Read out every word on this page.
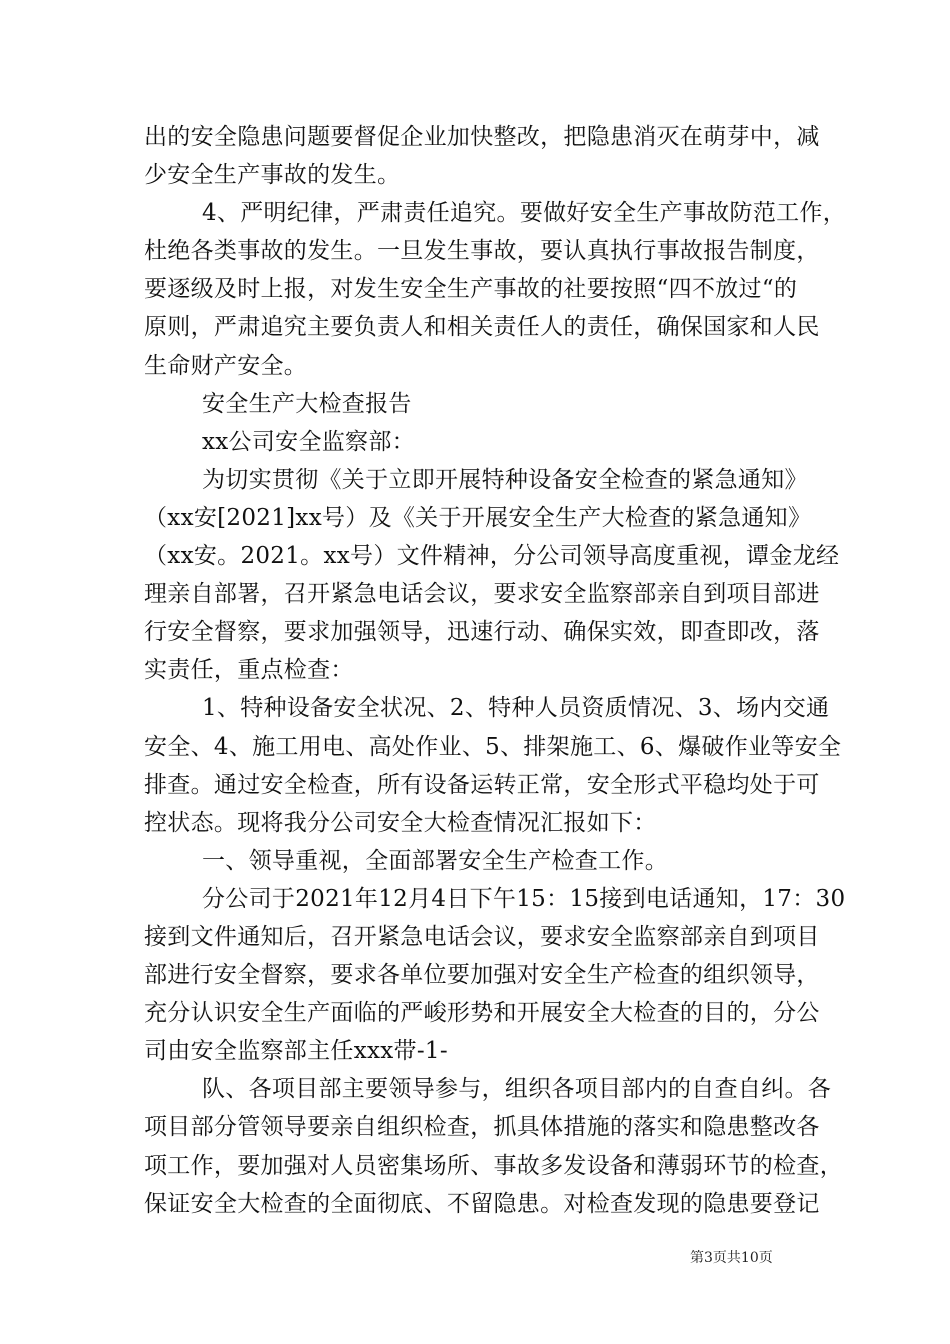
出的安全隐患问题要督促企业加快整改，把隐患消灭在萌芽中，减
少安全生产事故的发生。
4、严明纪律，严肃责任追究。要做好安全生产事故防范工作，
杜绝各类事故的发生。一旦发生事故，要认真执行事故报告制度，
要逐级及时上报，对发生安全生产事故的社要按照“四不放过“的
原则，严肃追究主要负责人和相关责任人的责任，确保国家和人民
生命财产安全。
安全生产大检查报告
xx公司安全监察部：
为切实贯彻《关于立即开展特种设备安全检查的紧急通知》
（xx安[2021]xx号）及《关于开展安全生产大检查的紧急通知》
（xx安。2021。xx号）文件精神，分公司领导高度重视，谭金龙经
理亲自部署，召开紧急电话会议，要求安全监察部亲自到项目部进
行安全督察，要求加强领导，迅速行动、确保实效，即查即改，落
实责任，重点检查：
1、特种设备安全状况、2、特种人员资质情况、3、场内交通
安全、4、施工用电、高处作业、5、排架施工、6、爆破作业等安全
排查。通过安全检查，所有设备运转正常，安全形式平稳均处于可
控状态。现将我分公司安全大检查情况汇报如下：
一、领导重视，全面部署安全生产检查工作。
分公司于2021年12月4日下午15：15接到电话通知，17：30
接到文件通知后，召开紧急电话会议，要求安全监察部亲自到项目
部进行安全督察，要求各单位要加强对安全生产检查的组织领导，
充分认识安全生产面临的严峻形势和开展安全大检查的目的，分公
司由安全监察部主任xxx带-1-
队、各项目部主要领导参与，组织各项目部内的自查自纠。各
项目部分管领导要亲自组织检查，抓具体措施的落实和隐患整改各
项工作，要加强对人员密集场所、事故多发设备和薄弱环节的检查，
保证安全大检查的全面彻底、不留隐患。对检查发现的隐患要登记
第3页共10页
